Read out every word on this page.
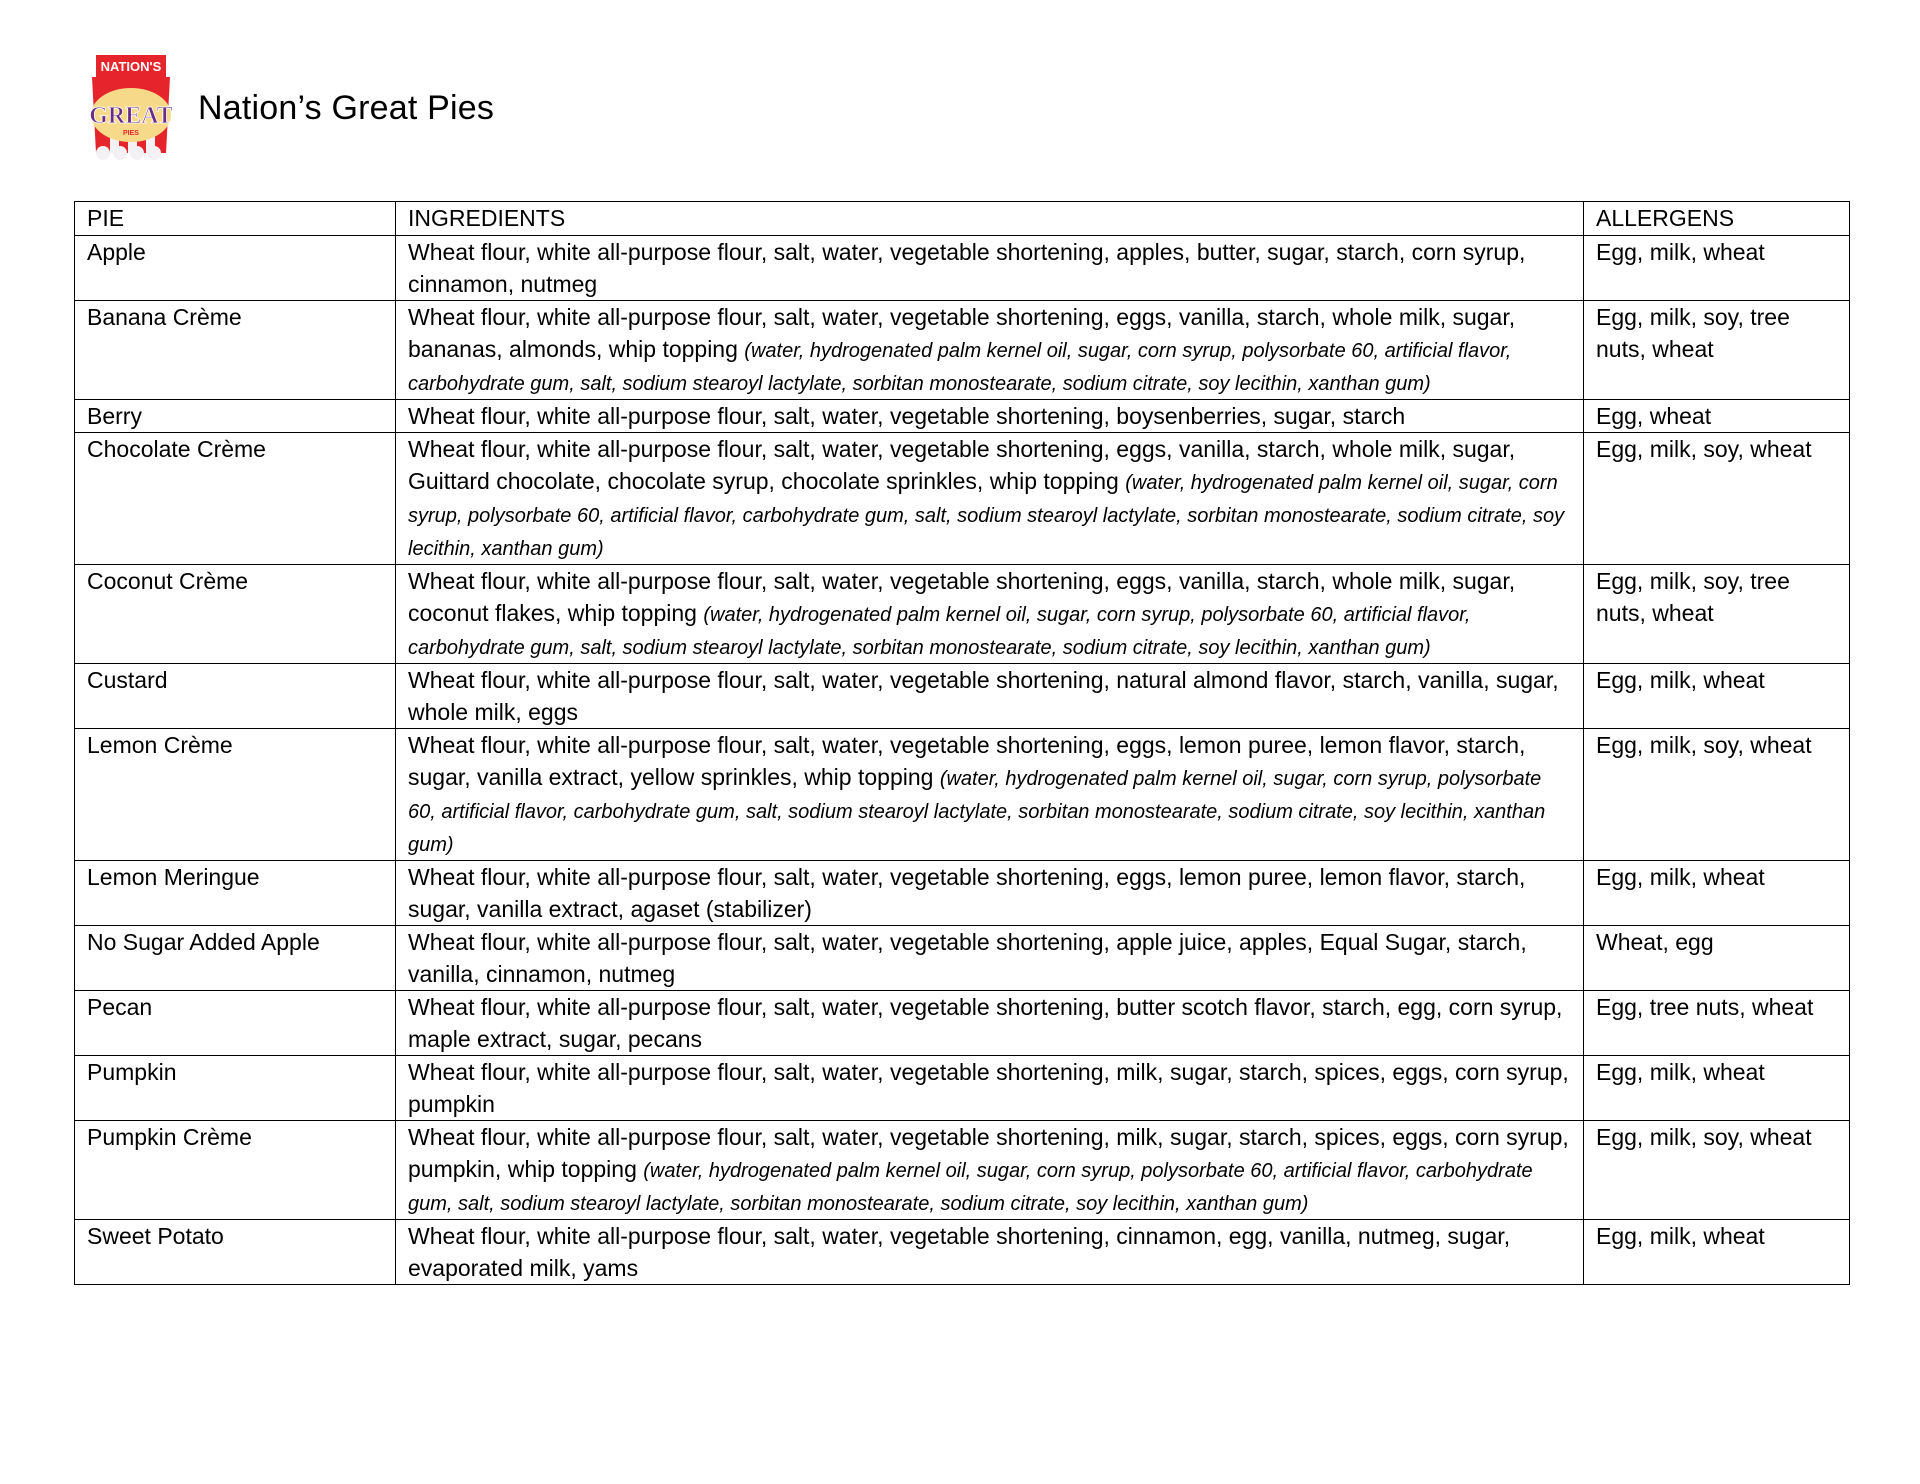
NATION'S
GREAT
PIES
Nation’s Great Pies
PIE	INGREDIENTS	ALLERGENS
Apple	Wheat flour, white all-purpose flour, salt, water, vegetable shortening, apples, butter, sugar, starch, corn syrup, cinnamon, nutmeg	Egg, milk, wheat
Banana Crème	Wheat flour, white all-purpose flour, salt, water, vegetable shortening, eggs, vanilla, starch, whole milk, sugar, bananas, almonds, whip topping (water, hydrogenated palm kernel oil, sugar, corn syrup, polysorbate 60, artificial flavor, carbohydrate gum, salt, sodium stearoyl lactylate, sorbitan monostearate, sodium citrate, soy lecithin, xanthan gum)	Egg, milk, soy, tree nuts, wheat
Berry	Wheat flour, white all-purpose flour, salt, water, vegetable shortening, boysenberries, sugar, starch	Egg, wheat
Chocolate Crème	Wheat flour, white all-purpose flour, salt, water, vegetable shortening, eggs, vanilla, starch, whole milk, sugar, Guittard chocolate, chocolate syrup, chocolate sprinkles, whip topping (water, hydrogenated palm kernel oil, sugar, corn syrup, polysorbate 60, artificial flavor, carbohydrate gum, salt, sodium stearoyl lactylate, sorbitan monostearate, sodium citrate, soy lecithin, xanthan gum)	Egg, milk, soy, wheat
Coconut Crème	Wheat flour, white all-purpose flour, salt, water, vegetable shortening, eggs, vanilla, starch, whole milk, sugar, coconut flakes, whip topping (water, hydrogenated palm kernel oil, sugar, corn syrup, polysorbate 60, artificial flavor, carbohydrate gum, salt, sodium stearoyl lactylate, sorbitan monostearate, sodium citrate, soy lecithin, xanthan gum)	Egg, milk, soy, tree nuts, wheat
Custard	Wheat flour, white all-purpose flour, salt, water, vegetable shortening, natural almond flavor, starch, vanilla, sugar, whole milk, eggs	Egg, milk, wheat
Lemon Crème	Wheat flour, white all-purpose flour, salt, water, vegetable shortening, eggs, lemon puree, lemon flavor, starch, sugar, vanilla extract, yellow sprinkles, whip topping (water, hydrogenated palm kernel oil, sugar, corn syrup, polysorbate 60, artificial flavor, carbohydrate gum, salt, sodium stearoyl lactylate, sorbitan monostearate, sodium citrate, soy lecithin, xanthan gum)	Egg, milk, soy, wheat
Lemon Meringue	Wheat flour, white all-purpose flour, salt, water, vegetable shortening, eggs, lemon puree, lemon flavor, starch, sugar, vanilla extract, agaset (stabilizer)	Egg, milk, wheat
No Sugar Added Apple	Wheat flour, white all-purpose flour, salt, water, vegetable shortening, apple juice, apples, Equal Sugar, starch, vanilla, cinnamon, nutmeg	Wheat, egg
Pecan	Wheat flour, white all-purpose flour, salt, water, vegetable shortening, butter scotch flavor, starch, egg, corn syrup, maple extract, sugar, pecans	Egg, tree nuts, wheat
Pumpkin	Wheat flour, white all-purpose flour, salt, water, vegetable shortening, milk, sugar, starch, spices, eggs, corn syrup, pumpkin	Egg, milk, wheat
Pumpkin Crème	Wheat flour, white all-purpose flour, salt, water, vegetable shortening, milk, sugar, starch, spices, eggs, corn syrup, pumpkin, whip topping (water, hydrogenated palm kernel oil, sugar, corn syrup, polysorbate 60, artificial flavor, carbohydrate gum, salt, sodium stearoyl lactylate, sorbitan monostearate, sodium citrate, soy lecithin, xanthan gum)	Egg, milk, soy, wheat
Sweet Potato	Wheat flour, white all-purpose flour, salt, water, vegetable shortening, cinnamon, egg, vanilla, nutmeg, sugar, evaporated milk, yams	Egg, milk, wheat
